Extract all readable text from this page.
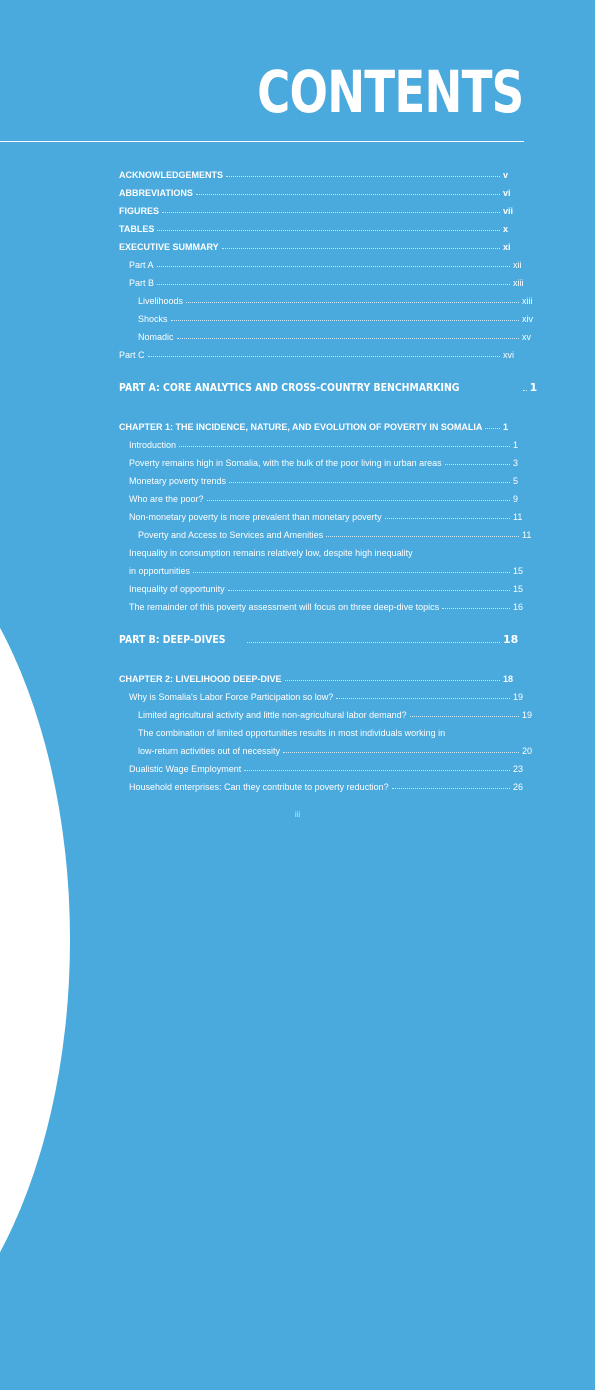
CONTENTS
ACKNOWLEDGEMENTS	v
ABBREVIATIONS	vi
FIGURES	vii
TABLES	x
EXECUTIVE SUMMARY	xi
Part A	xii
Part B	xiii
Livelihoods	xiii
Shocks	xiv
Nomadic	xv
Part C	xvi
PART A: CORE ANALYTICS AND CROSS-COUNTRY BENCHMARKING	1
CHAPTER 1: THE INCIDENCE, NATURE, AND EVOLUTION OF POVERTY IN SOMALIA 1
Introduction	1
Poverty remains high in Somalia, with the bulk of the poor living in urban areas	3
Monetary poverty trends	5
Who are the poor?	9
Non-monetary poverty is more prevalent than monetary poverty	11
Poverty and Access to Services and Amenities	11
Inequality in consumption remains relatively low, despite high inequality
in opportunities	15
Inequality of opportunity	15
The remainder of this poverty assessment will focus on three deep-dive topics	16
PART B: DEEP-DIVES	18
CHAPTER 2: LIVELIHOOD DEEP-DIVE	18
Why is Somalia's Labor Force Participation so low?	19
Limited agricultural activity and little non-agricultural labor demand?	19
The combination of limited opportunities results in most individuals working in
low-return activities out of necessity	20
Dualistic Wage Employment	23
Household enterprises: Can they contribute to poverty reduction?	26
iii
